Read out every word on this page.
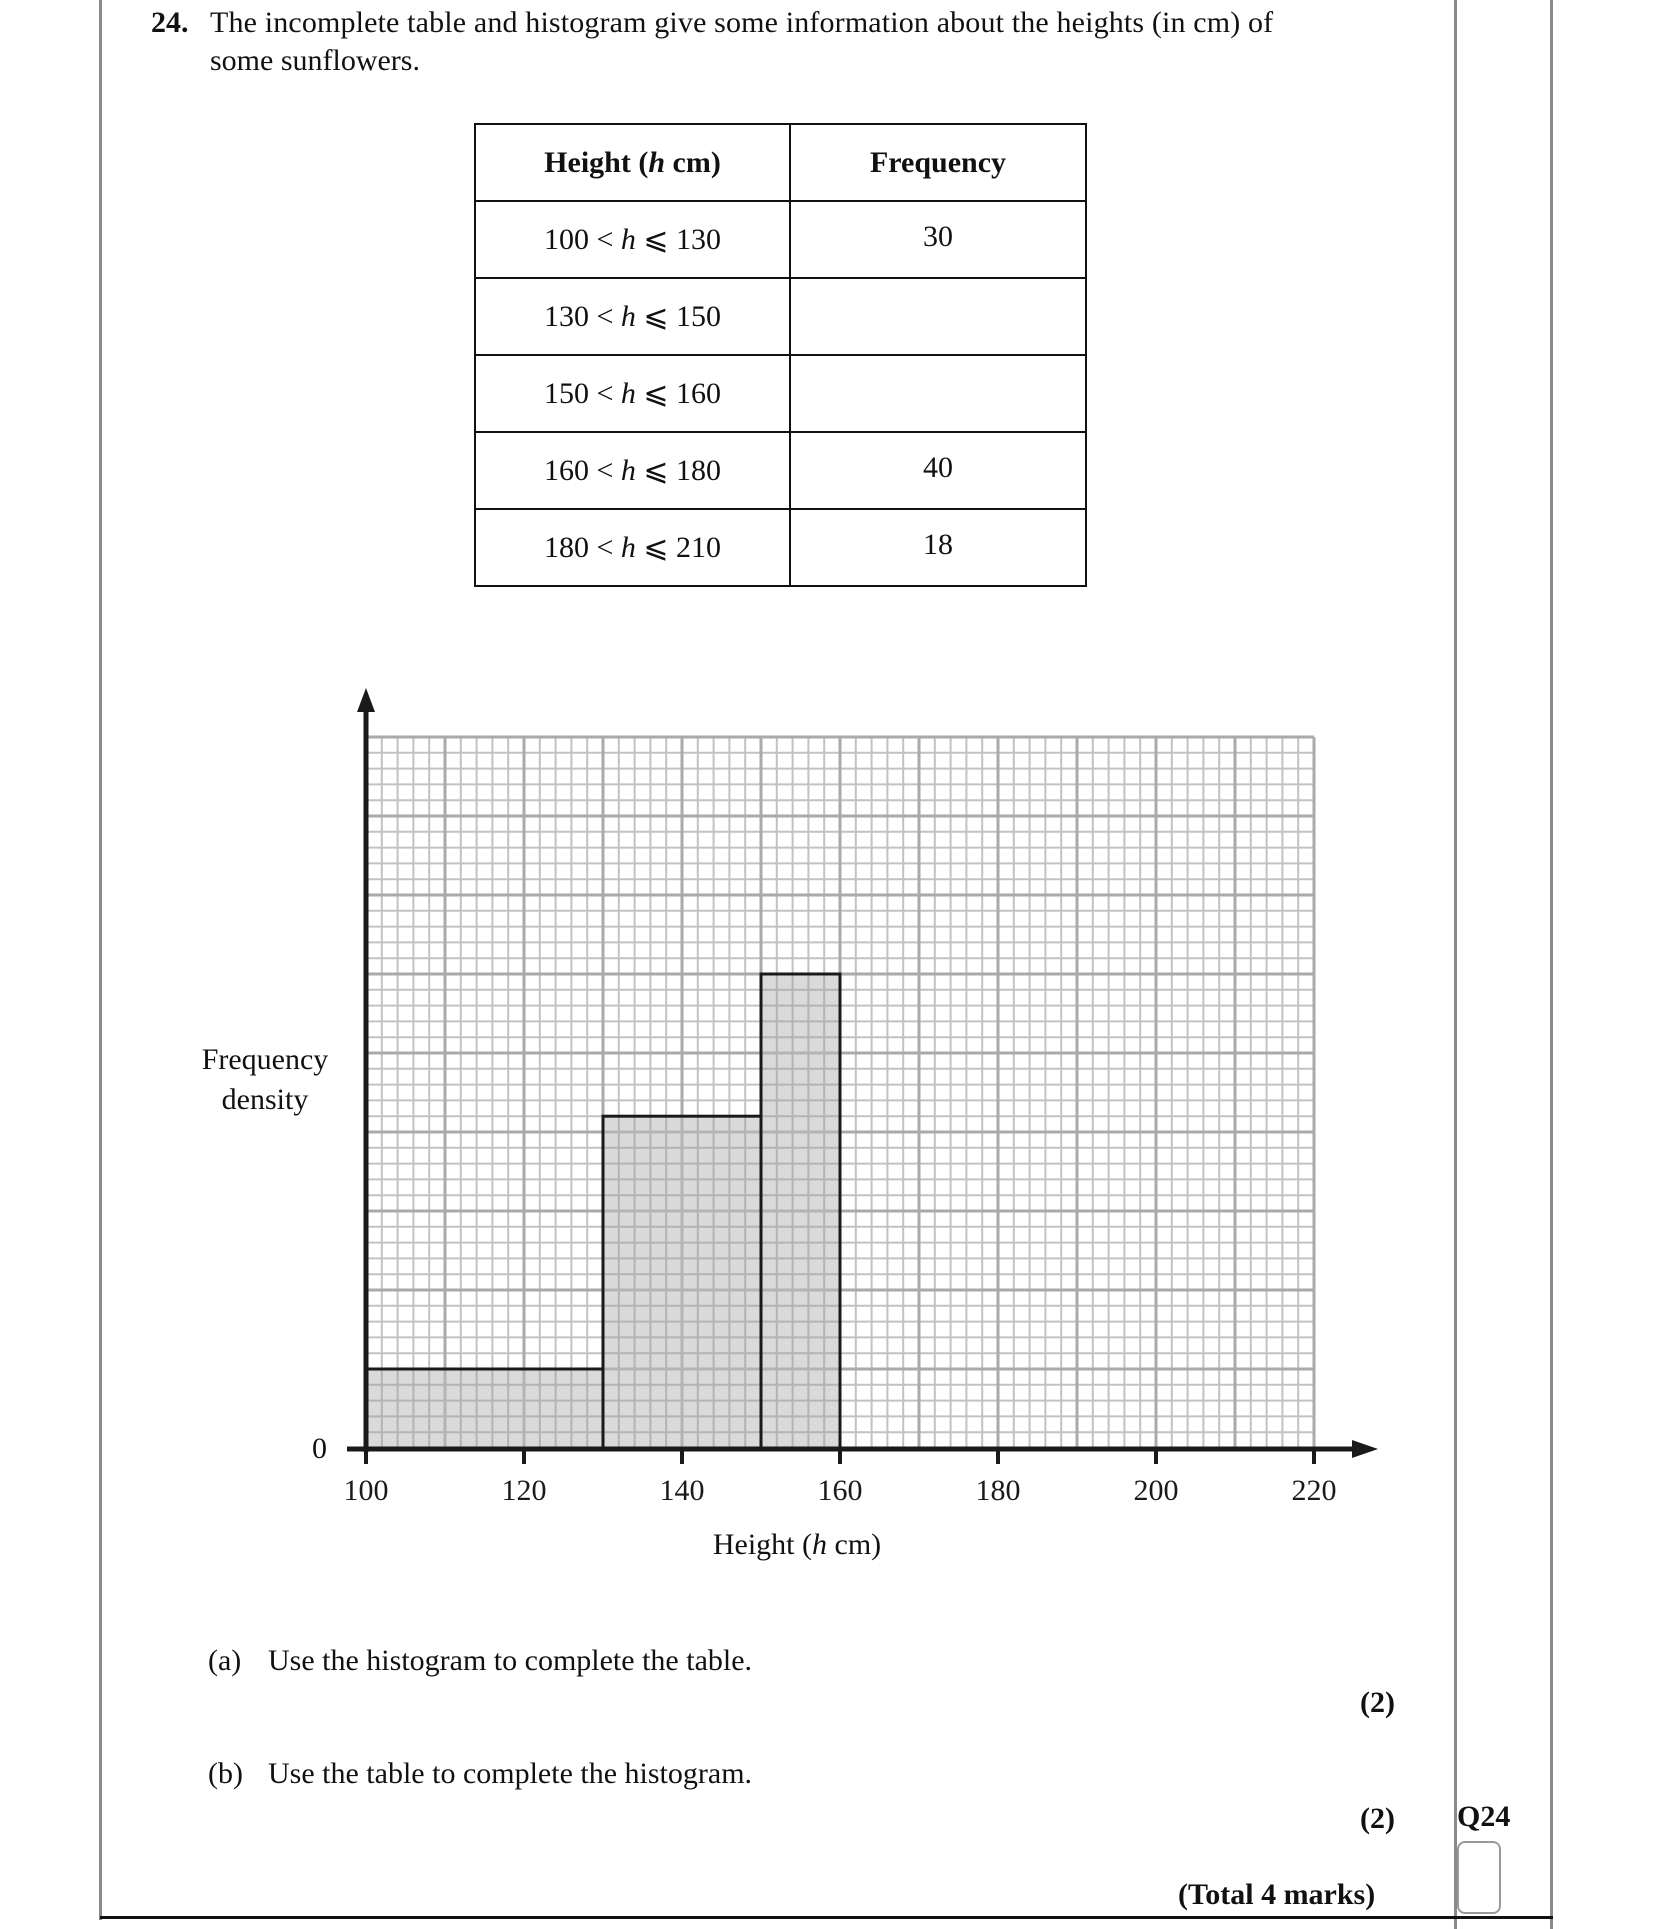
24. The incomplete table and histogram give some information about the heights (in cm) of
some sunflowers.
Height (h cm)	Frequency
100 < h ⩽ 130	30
130 < h ⩽ 150	
150 < h ⩽ 160	
160 < h ⩽ 180	40
180 < h ⩽ 210	18
100	120	140	160	180	200	220
0
Frequency
density
Height (h cm)
(a) Use the histogram to complete the table.
(2)
(b) Use the table to complete the histogram.
(2)
(Total 4 marks)
Q24
